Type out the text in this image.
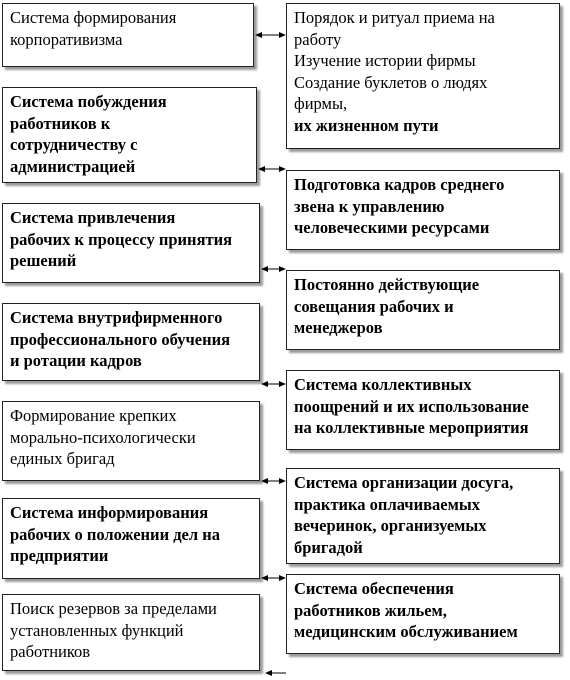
Система формирования
корпоративизма
Система побуждения
работников к
сотрудничеству с
администрацией
Система привлечения
рабочих к процессу принятия
решений
Система внутрифирменного
профессионального обучения
и ротации кадров
Формирование крепких
морально-психологически
единых бригад
Система информирования
рабочих о положении дел на
предприятии
Поиск резервов за пределами
установленных функций
работников
Порядок и ритуал приема на
работу
Изучение истории фирмы
Создание буклетов о людях
фирмы,
их жизненном пути
Подготовка кадров среднего
звена к управлению
человеческими ресурсами
Постоянно действующие
совещания рабочих и
менеджеров
Система коллективных
поощрений и их использование
на коллективные мероприятия
Система организации досуга,
практика оплачиваемых
вечеринок, организуемых
бригадой
Система обеспечения
работников жильем,
медицинским обслуживанием
